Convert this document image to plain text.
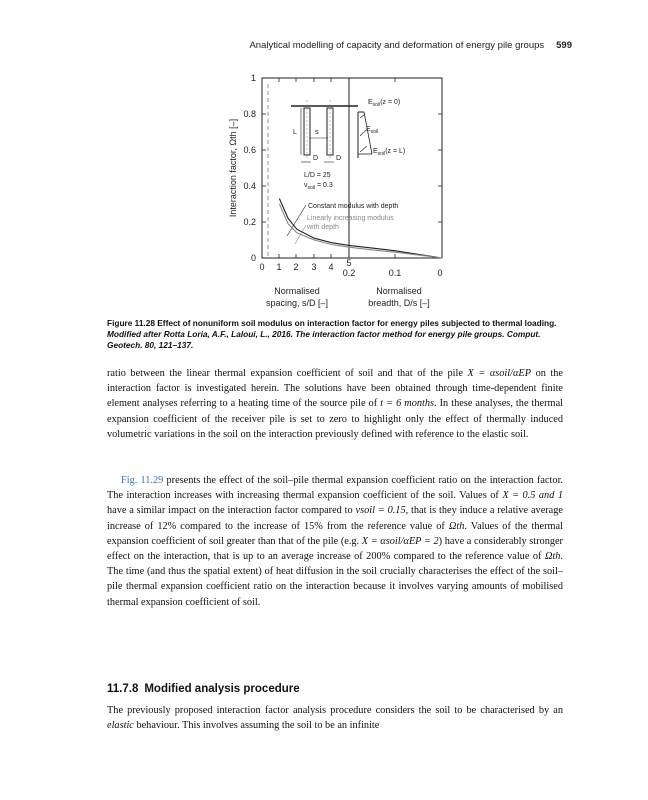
Analytical modelling of capacity and deformation of energy pile groups 599
0
0.2
0.4
0.6
0.8
1
Interaction factor, Ωth [–]
0 1 2 3 4 5
0.2	0.1	0
Normalised
spacing, s/D [–]
Normalised
breadth, D/s [–]
L	s
D	D
$E_{soil}(z = 0)$
$E_{soil}$
$E_{soil}(z = L)$
L/D = 25
$\nu_{soil} = 0.3$
Constant modulus with depth
Linearly increasing modulus
with depth
Figure 11.28 Effect of nonuniform soil modulus on interaction factor for energy piles subjected to thermal loading. Modified after Rotta Loria, A.F., Laloui, L., 2016. The interaction factor method for energy pile groups. Comput. Geotech. 80, 121–137.
ratio between the linear thermal expansion coefficient of soil and that of the pile X = αsoil/αEP on the interaction factor is investigated herein. The solutions have been obtained through time-dependent finite element analyses referring to a heating time of the source pile of t = 6 months. In these analyses, the thermal expansion coefficient of the receiver pile is set to zero to highlight only the effect of thermally induced volumetric variations in the soil on the interaction previously defined with reference to the elastic soil.
Fig. 11.29 presents the effect of the soil–pile thermal expansion coefficient ratio on the interaction factor. The interaction increases with increasing thermal expansion coefficient of the soil. Values of X = 0.5 and 1 have a similar impact on the interaction factor compared to νsoil = 0.15, that is they induce a relative average increase of 12% compared to the increase of 15% from the reference value of Ωth. Values of the thermal expansion coefficient of soil greater than that of the pile (e.g. X = αsoil/αEP = 2) have a considerably stronger effect on the interaction, that is up to an average increase of 200% compared to the reference value of Ωth. The time (and thus the spatial extent) of heat diffusion in the soil crucially characterises the effect of the soil–pile thermal expansion coefficient ratio on the interaction because it involves varying amounts of mobilised thermal expansion coefficient of soil.
11.7.8 Modified analysis procedure
The previously proposed interaction factor analysis procedure considers the soil to be characterised by an elastic behaviour. This involves assuming the soil to be an infinite
